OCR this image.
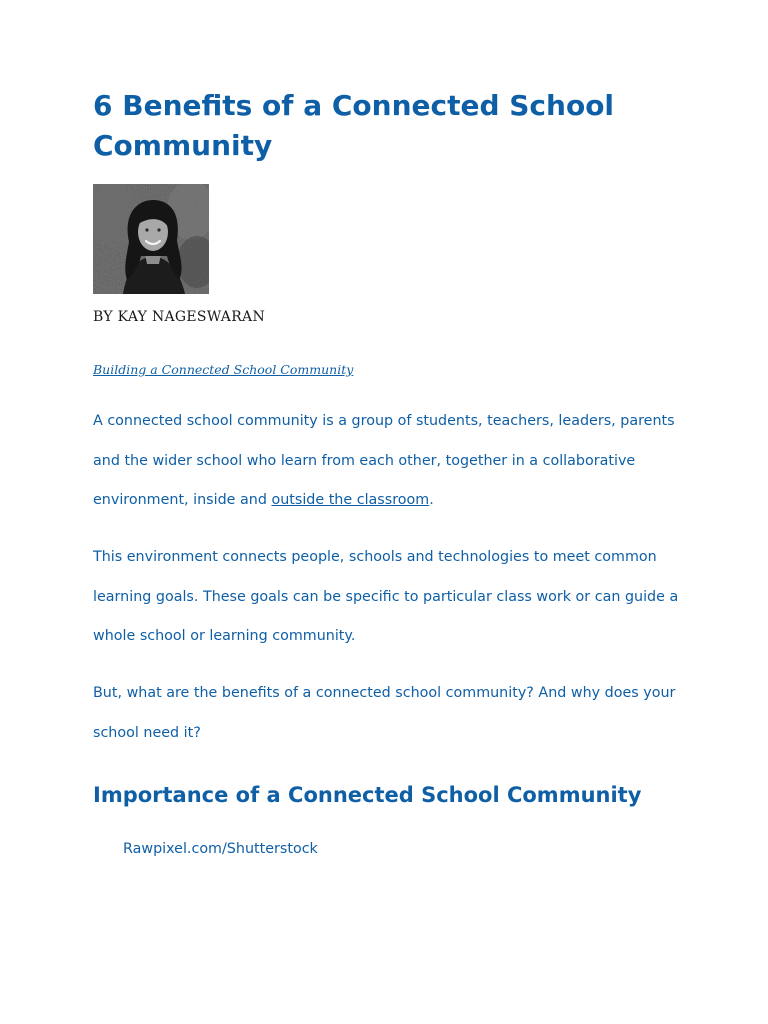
6 Benefits of a Connected School Community
BY KAY NAGESWARAN
Building a Connected School Community

A connected school community is a group of students, teachers, leaders, parents and the wider school who learn from each other, together in a collaborative environment, inside and outside the classroom.

This environment connects people, schools and technologies to meet common learning goals. These goals can be specific to particular class work or can guide a whole school or learning community.

But, what are the benefits of a connected school community? And why does your school need it?

Importance of a Connected School Community
Rawpixel.com/Shutterstock
